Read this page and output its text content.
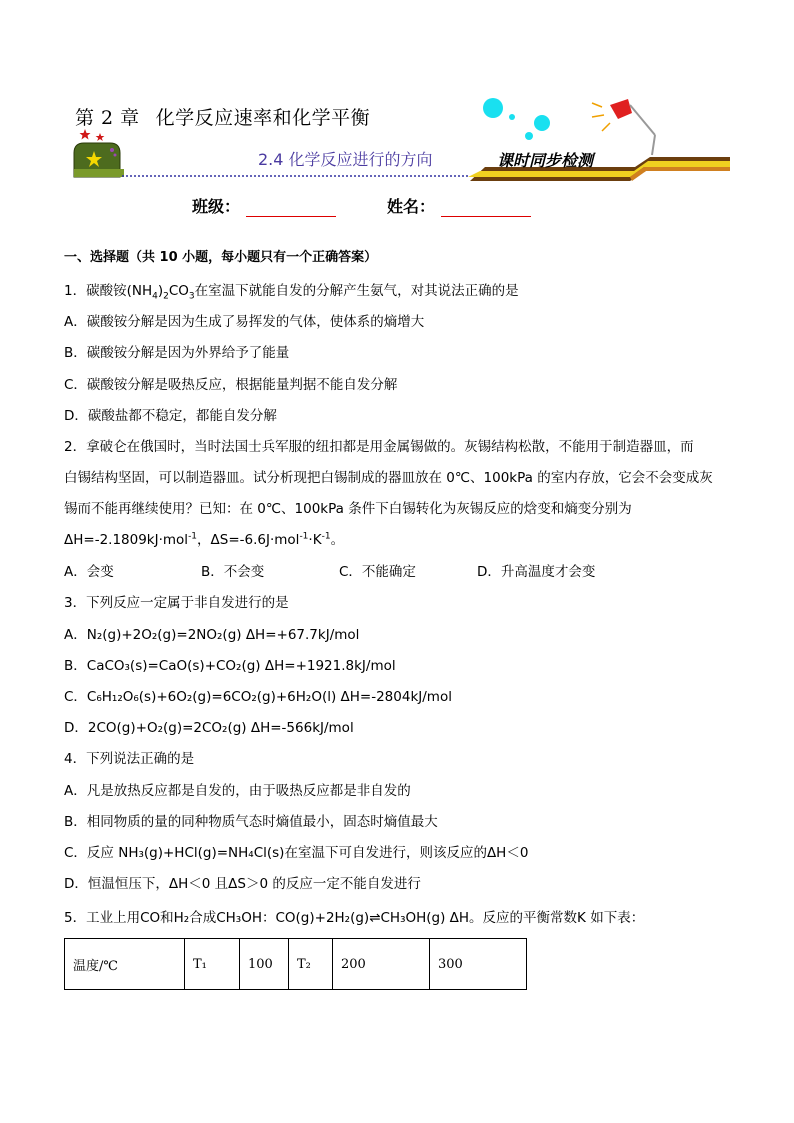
第 2 章 化学反应速率和化学平衡
2.4 化学反应进行的方向	课时同步检测
班级：	姓名：
一、选择题（共 10 小题，每小题只有一个正确答案）
1．碳酸铵$(NH_4)_2CO_3$在室温下就能自发的分解产生氨气，对其说法正确的是
A．碳酸铵分解是因为生成了易挥发的气体，使体系的熵增大
B．碳酸铵分解是因为外界给予了能量
C．碳酸铵分解是吸热反应，根据能量判据不能自发分解
D．碳酸盐都不稳定，都能自发分解
2．拿破仑在俄国时，当时法国士兵军服的纽扣都是用金属锡做的。灰锡结构松散，不能用于制造器皿，而
白锡结构坚固，可以制造器皿。试分析现把白锡制成的器皿放在 0℃、100kPa 的室内存放，它会不会变成灰
锡而不能再继续使用？已知：在 0℃、100kPa 条件下白锡转化为灰锡反应的焓变和熵变分别为
ΔH=-2.1809kJ·mol$^{-1}$，$\Delta S=-6.6J\cdot mol^{-1}\cdot K^{-1}$。
A．会变	B．不会变	C．不能确定	D．升高温度才会变
3．下列反应一定属于非自发进行的是
A．N₂(g)+2O₂(g)=2NO₂(g) ΔH=+67.7kJ/mol
B．CaCO₃(s)=CaO(s)+CO₂(g) ΔH=+1921.8kJ/mol
C．C₆H₁₂O₆(s)+6O₂(g)=6CO₂(g)+6H₂O(l) ΔH=-2804kJ/mol
D．2CO(g)+O₂(g)=2CO₂(g) ΔH=-566kJ/mol
4．下列说法正确的是
A．凡是放热反应都是自发的，由于吸热反应都是非自发的
B．相同物质的量的同种物质气态时熵值最小，固态时熵值最大
C．反应 NH₃(g)+HCl(g)=NH₄Cl(s)在室温下可自发进行，则该反应的ΔH＜0
D．恒温恒压下，ΔH＜0 且ΔS＞0 的反应一定不能自发进行
5．工业上用CO和H₂合成CH₃OH：CO(g)+2H₂(g)⇌CH₃OH(g) ΔH。反应的平衡常数K 如下表：
温度/℃	T₁	100	T₂	200	300
